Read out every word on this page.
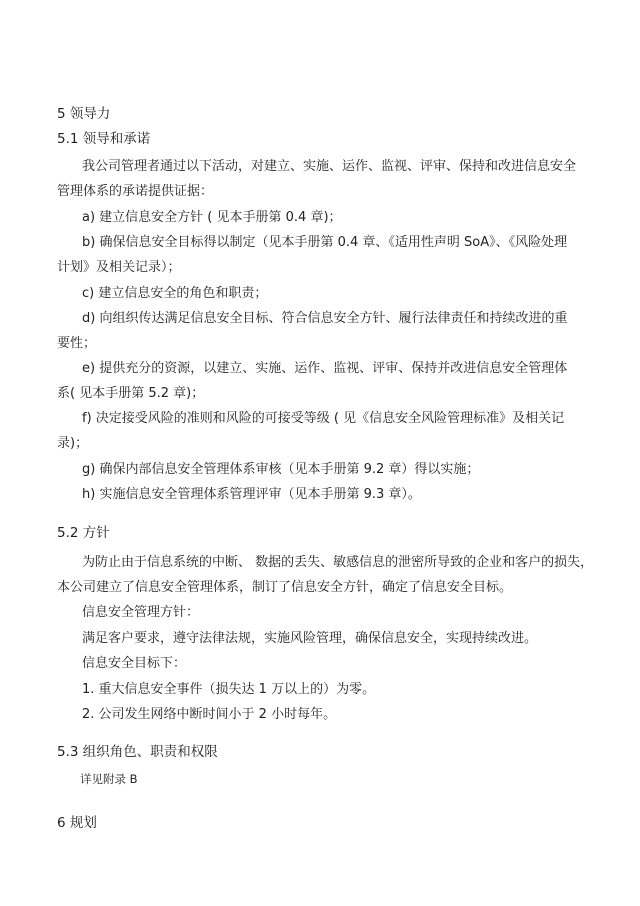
5 领导力
5.1 领导和承诺
我公司管理者通过以下活动，对建立、实施、运作、监视、评审、保持和改进信息安全
管理体系的承诺提供证据：
a) 建立信息安全方针 ( 见本手册第 0.4 章)；
b) 确保信息安全目标得以制定（见本手册第 0.4 章、《适用性声明 SoA》、《风险处理
计划》及相关记录）；
c) 建立信息安全的角色和职责；
d) 向组织传达满足信息安全目标、符合信息安全方针、履行法律责任和持续改进的重
要性；
e) 提供充分的资源，以建立、实施、运作、监视、评审、保持并改进信息安全管理体
系( 见本手册第 5.2 章)；
f) 决定接受风险的准则和风险的可接受等级 ( 见《信息安全风险管理标准》及相关记
录)；
g) 确保内部信息安全管理体系审核（见本手册第 9.2 章）得以实施；
h) 实施信息安全管理体系管理评审（见本手册第 9.3 章）。
5.2 方针
为防止由于信息系统的中断、 数据的丢失、敏感信息的泄密所导致的企业和客户的损失，
本公司建立了信息安全管理体系，制订了信息安全方针，确定了信息安全目标。
信息安全管理方针：
满足客户要求，遵守法律法规，实施风险管理，确保信息安全，实现持续改进。
信息安全目标下：
1. 重大信息安全事件（损失达 1 万以上的）为零。
2. 公司发生网络中断时间小于 2 小时每年。
5.3 组织角色、职责和权限
详见附录 B
6 规划
